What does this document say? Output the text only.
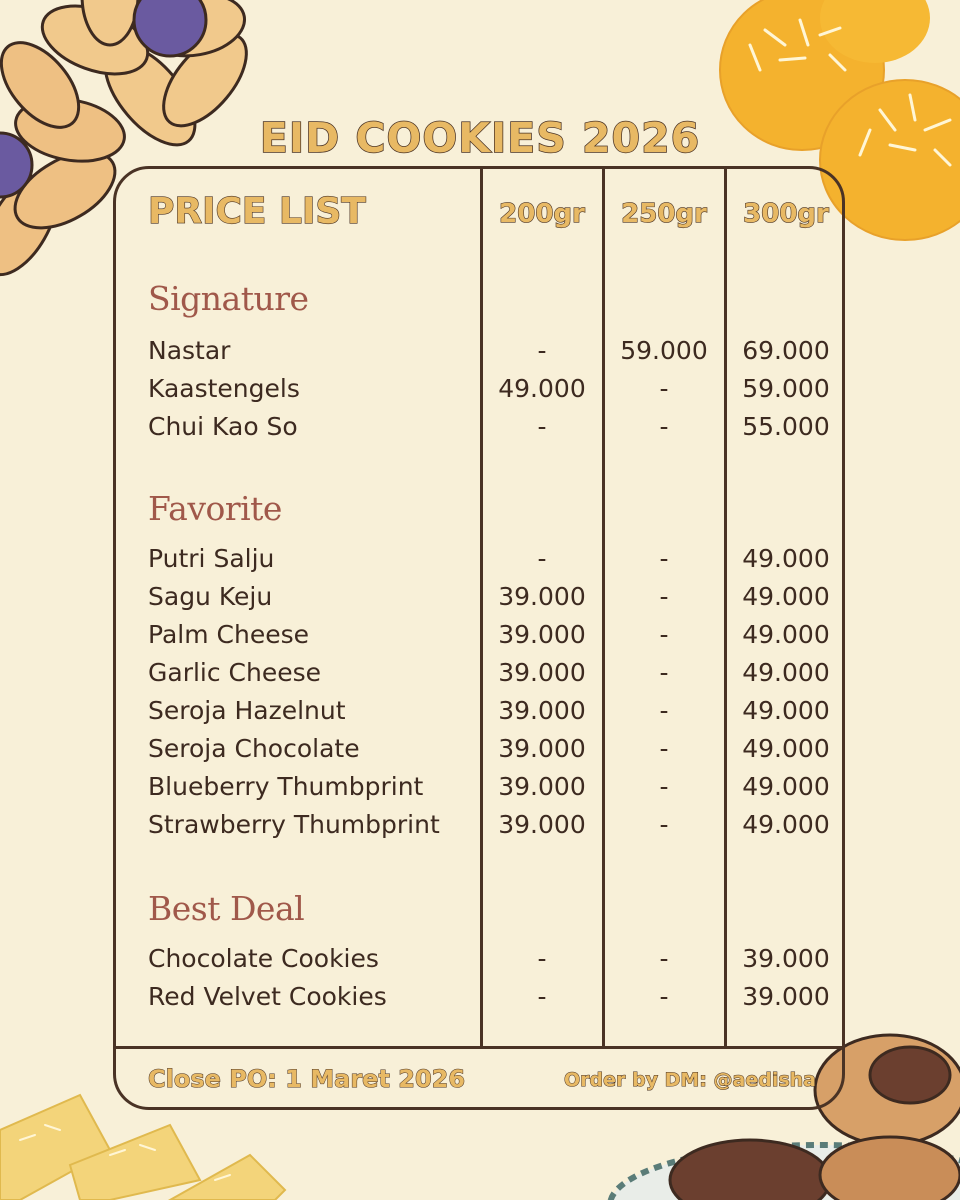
EID COOKIES 2026
PRICE LIST	200gr	250gr	300gr
Signature
Nastar	-	59.000	69.000
Kaastengels	49.000	-	59.000
Chui Kao So	-	-	55.000
Favorite
Putri Salju	-	-	49.000
Sagu Keju	39.000	-	49.000
Palm Cheese	39.000	-	49.000
Garlic Cheese	39.000	-	49.000
Seroja Hazelnut	39.000	-	49.000
Seroja Chocolate	39.000	-	49.000
Blueberry Thumbprint	39.000	-	49.000
Strawberry Thumbprint	39.000	-	49.000
Best Deal
Chocolate Cookies	-	-	39.000
Red Velvet Cookies	-	-	39.000
Close PO: 1 Maret 2026	Order by DM: @aedisha
